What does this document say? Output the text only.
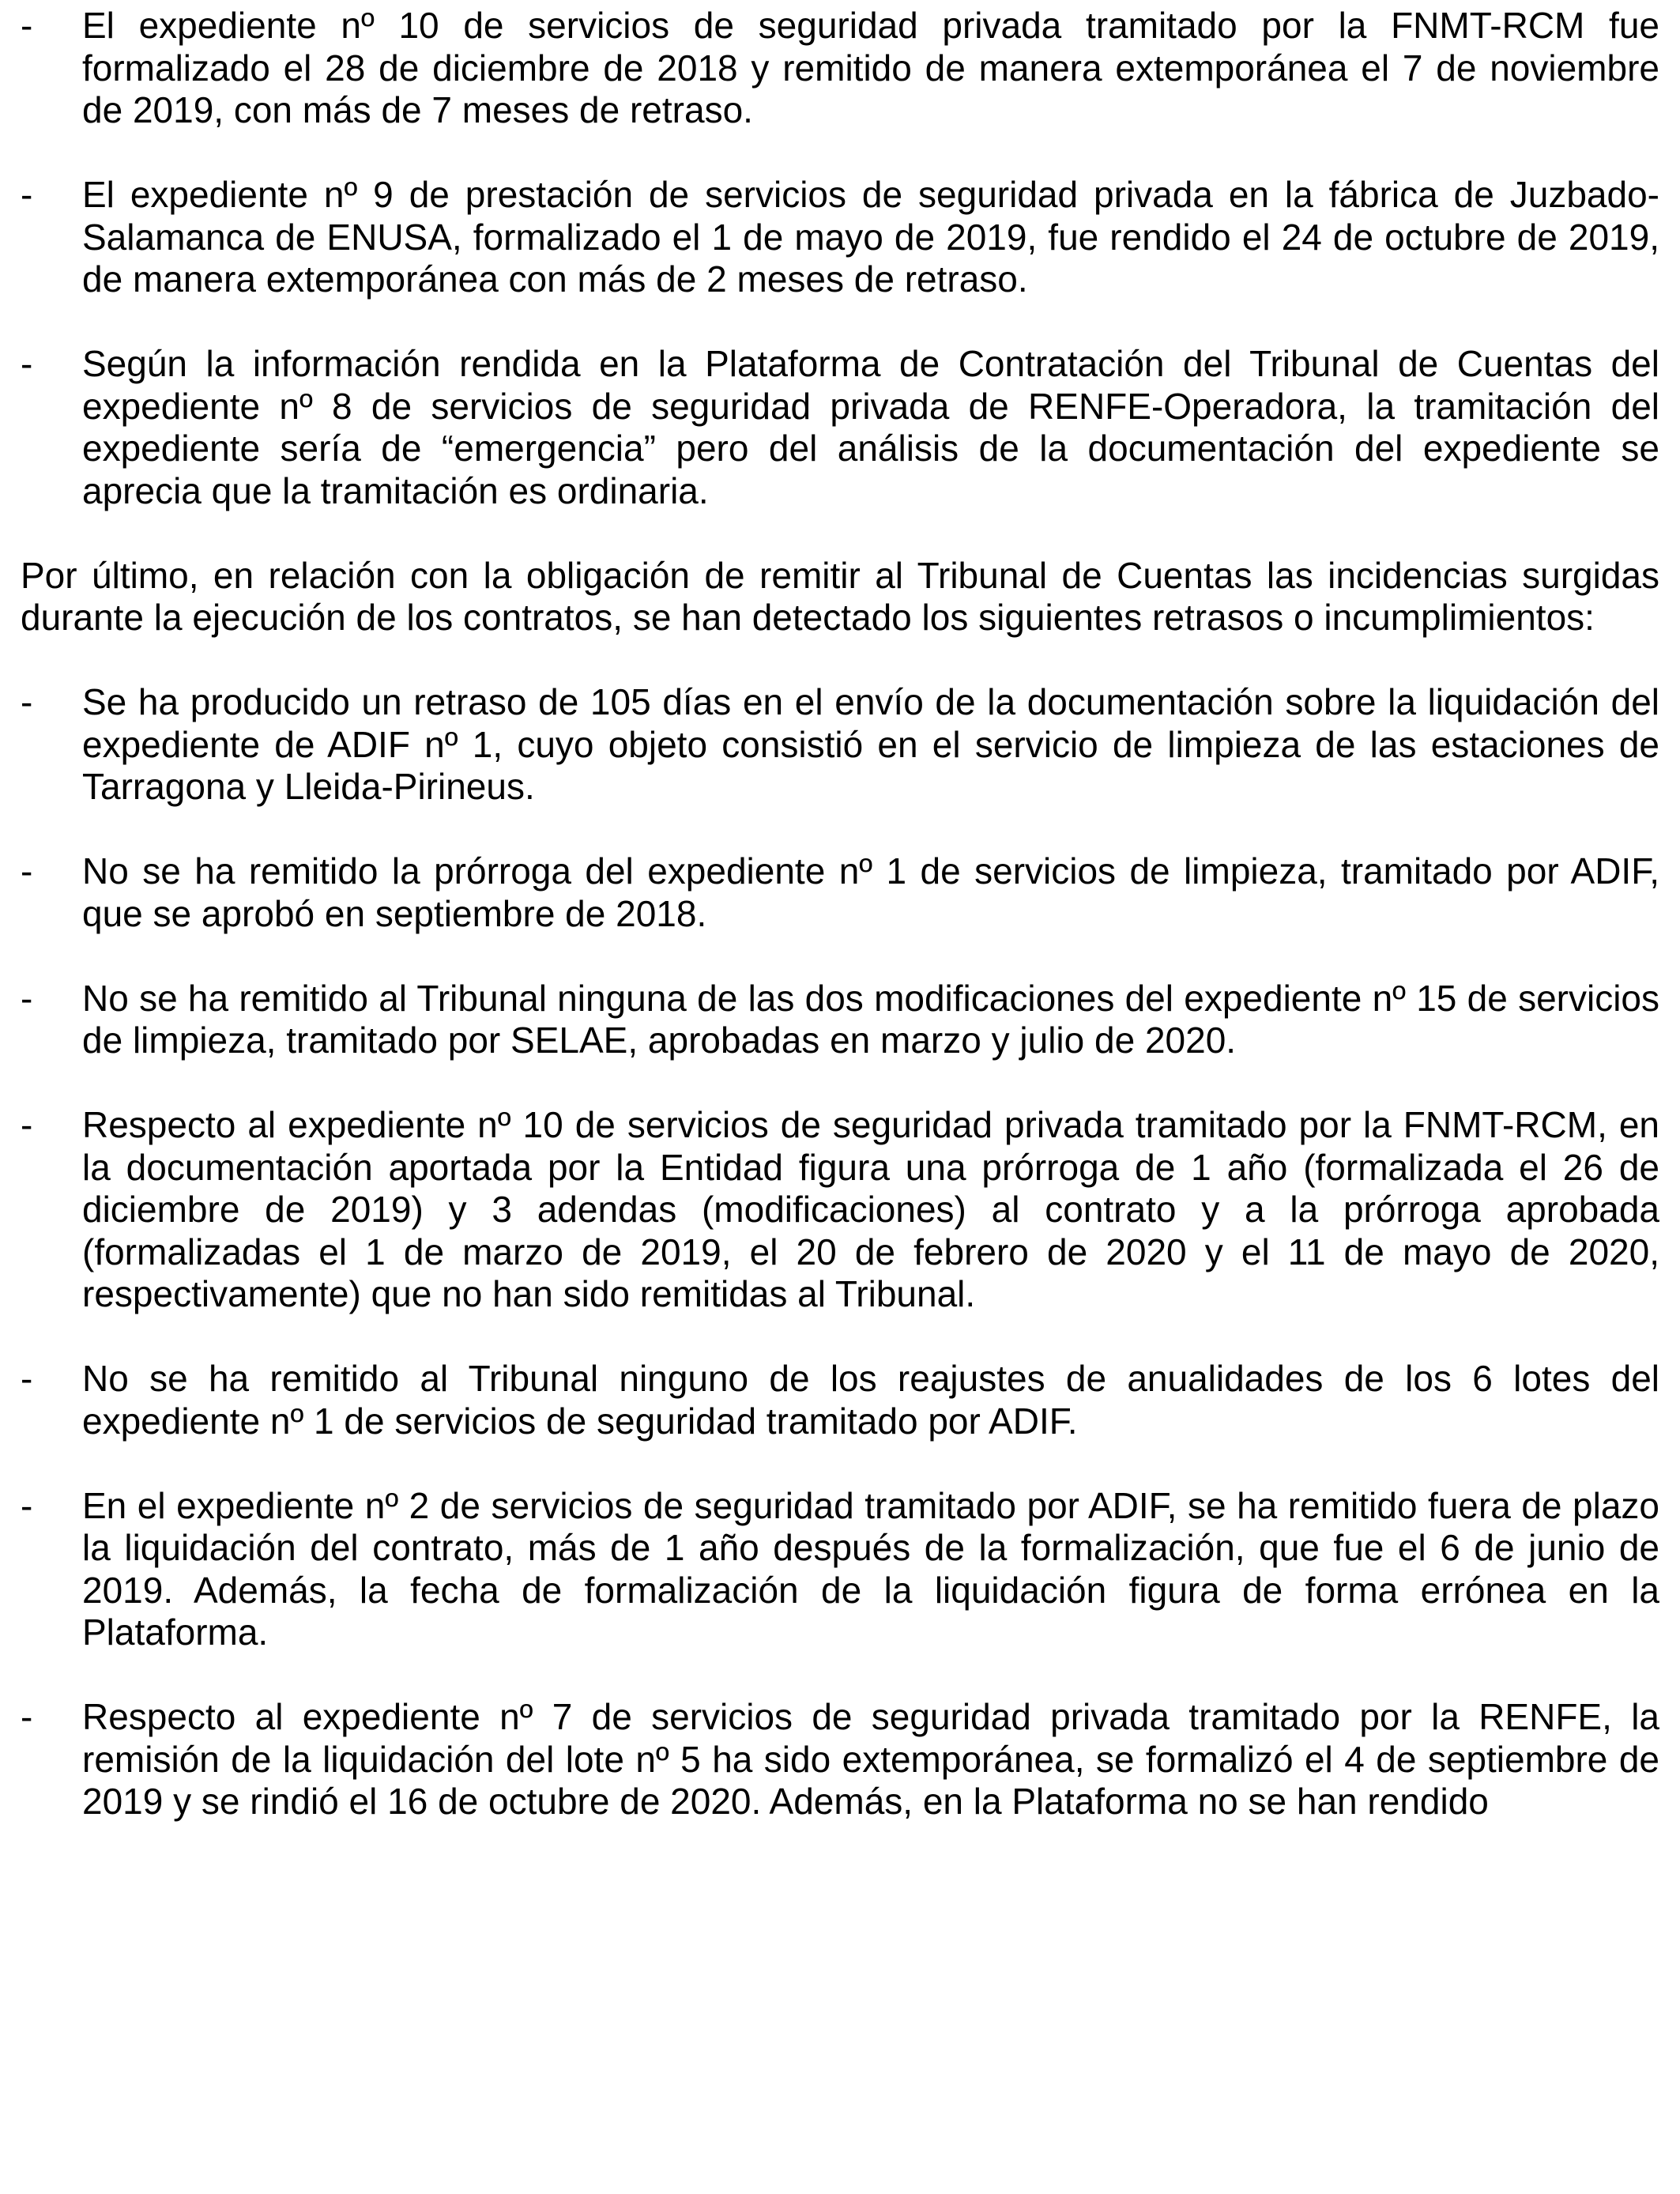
- El expediente nº 10 de servicios de seguridad privada tramitado por la FNMT-RCM fue formalizado el 28 de diciembre de 2018 y remitido de manera extemporánea el 7 de noviembre de 2019, con más de 7 meses de retraso.
- El expediente nº 9 de prestación de servicios de seguridad privada en la fábrica de Juzbado-Salamanca de ENUSA, formalizado el 1 de mayo de 2019, fue rendido el 24 de octubre de 2019, de manera extemporánea con más de 2 meses de retraso.
- Según la información rendida en la Plataforma de Contratación del Tribunal de Cuentas del expediente nº 8 de servicios de seguridad privada de RENFE-Operadora, la tramitación del expediente sería de “emergencia” pero del análisis de la documentación del expediente se aprecia que la tramitación es ordinaria.
Por último, en relación con la obligación de remitir al Tribunal de Cuentas las incidencias surgidas durante la ejecución de los contratos, se han detectado los siguientes retrasos o incumplimientos:
- Se ha producido un retraso de 105 días en el envío de la documentación sobre la liquidación del expediente de ADIF nº 1, cuyo objeto consistió en el servicio de limpieza de las estaciones de Tarragona y Lleida-Pirineus.
- No se ha remitido la prórroga del expediente nº 1 de servicios de limpieza, tramitado por ADIF, que se aprobó en septiembre de 2018.
- No se ha remitido al Tribunal ninguna de las dos modificaciones del expediente nº 15 de servicios de limpieza, tramitado por SELAE, aprobadas en marzo y julio de 2020.
- Respecto al expediente nº 10 de servicios de seguridad privada tramitado por la FNMT-RCM, en la documentación aportada por la Entidad figura una prórroga de 1 año (formalizada el 26 de diciembre de 2019) y 3 adendas (modificaciones) al contrato y a la prórroga aprobada (formalizadas el 1 de marzo de 2019, el 20 de febrero de 2020 y el 11 de mayo de 2020, respectivamente) que no han sido remitidas al Tribunal.
- No se ha remitido al Tribunal ninguno de los reajustes de anualidades de los 6 lotes del expediente nº 1 de servicios de seguridad tramitado por ADIF.
- En el expediente nº 2 de servicios de seguridad tramitado por ADIF, se ha remitido fuera de plazo la liquidación del contrato, más de 1 año después de la formalización, que fue el 6 de junio de 2019. Además, la fecha de formalización de la liquidación figura de forma errónea en la Plataforma.
- Respecto al expediente nº 7 de servicios de seguridad privada tramitado por la RENFE, la remisión de la liquidación del lote nº 5 ha sido extemporánea, se formalizó el 4 de septiembre de 2019 y se rindió el 16 de octubre de 2020. Además, en la Plataforma no se han rendido
